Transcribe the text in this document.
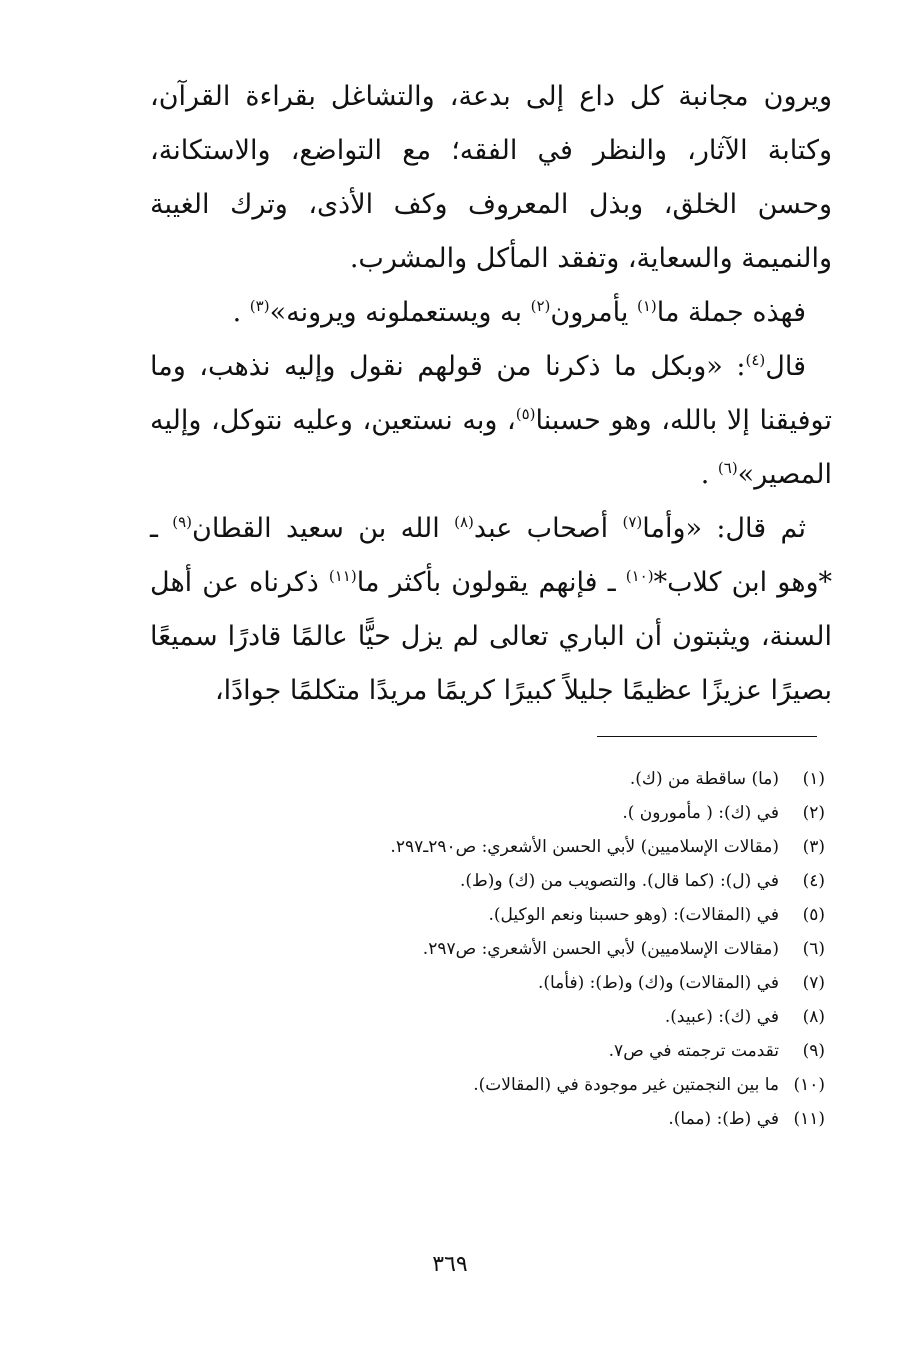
ويرون مجانبة كل داع إلى بدعة، والتشاغل بقراءة القرآن، وكتابة الآثار، والنظر في الفقه؛ مع التواضع، والاستكانة، وحسن الخلق، وبذل المعروف وكف الأذى، وترك الغيبة والنميمة والسعاية، وتفقد المأكل والمشرب.

فهذه جملة ما$^{(١)}$ يأمرون$^{(٢)}$ به ويستعملونه ويرونه»$^{(٣)}$ .

قال$^{(٤)}$: «وبكل ما ذكرنا من قولهم نقول وإليه نذهب، وما توفيقنا إلا بالله، وهو حسبنا$^{(٥)}$، وبه نستعين، وعليه نتوكل، وإليه المصير»$^{(٦)}$ .

ثم قال: «وأما$^{(٧)}$ أصحاب عبد$^{(٨)}$ الله بن سعيد القطان$^{(٩)}$ ـ *وهو ابن كلاب*$^{(١٠)}$ ـ فإنهم يقولون بأكثر ما$^{(١١)}$ ذكرناه عن أهل السنة، ويثبتون أن الباري تعالى لم يزل حيًّا عالمًا قادرًا سميعًا بصيرًا عزيزًا عظيمًا جليلاً كبيرًا كريمًا مريدًا متكلمًا جوادًا،

(١)
(ما) ساقطة من (ك).
(٢)
في (ك): ( مأمورون ).
(٣)
(مقالات الإسلاميين) لأبي الحسن الأشعري: ص٢٩٠ـ٢٩٧.
(٤)
في (ل): (كما قال). والتصويب من (ك) و(ط).
(٥)
في (المقالات): (وهو حسبنا ونعم الوكيل).
(٦)
(مقالات الإسلاميين) لأبي الحسن الأشعري: ص٢٩٧.
(٧)
في (المقالات) و(ك) و(ط): (فأما).
(٨)
في (ك): (عبيد).
(٩)
تقدمت ترجمته في ص٧.
(١٠)
ما بين النجمتين غير موجودة في (المقالات).
(١١)
في (ط): (مما).
٣٦٩
